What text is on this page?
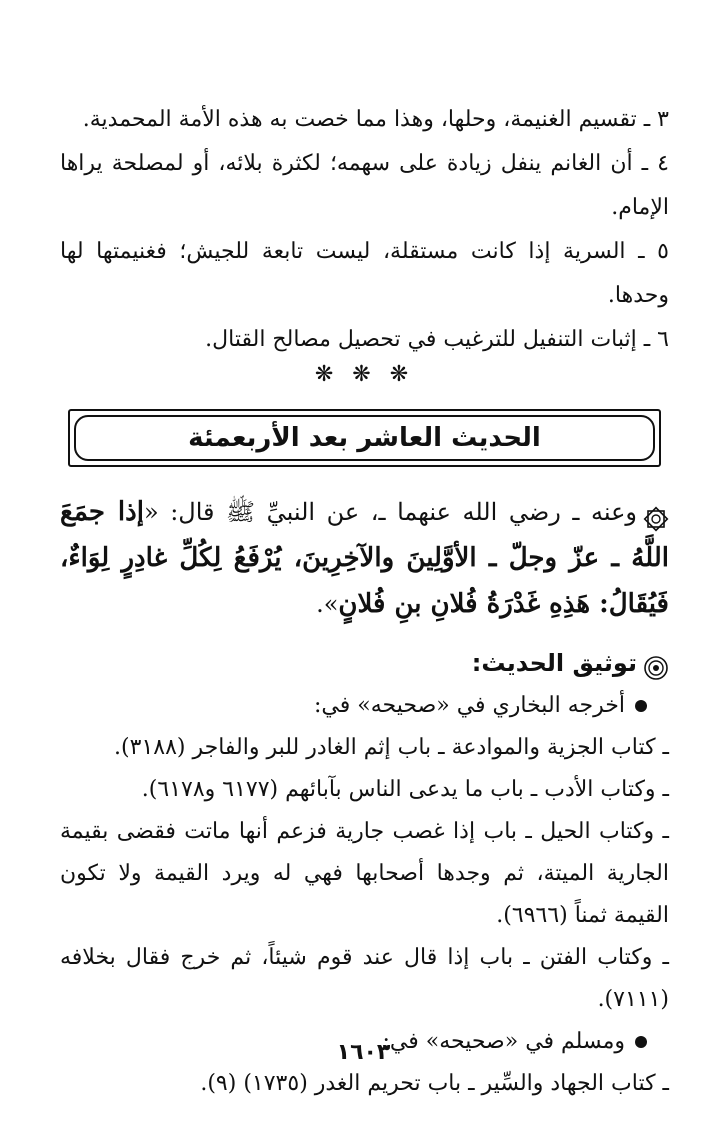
٣ ـ تقسيم الغنيمة، وحلها، وهذا مما خصت به هذه الأمة المحمدية.
٤ ـ أن الغانم ينفل زيادة على سهمه؛ لكثرة بلائه، أو لمصلحة يراها الإمام.
٥ ـ السرية إذا كانت مستقلة، ليست تابعة للجيش؛ فغنيمتها لها وحدها.
٦ ـ إثبات التنفيل للترغيب في تحصيل مصالح القتال.
❋ ❋ ❋
الحديث العاشر بعد الأربعمئة
وعنه ـ رضي الله عنهما ـ، عن النبيِّ ﷺ قال: «إذا جمَعَ اللَّهُ ـ عزّ وجلّ ـ الأوَّلِينَ والآخِرِينَ، يُرْفَعُ لِكُلِّ غادِرٍ لِوَاءٌ، فَيُقَالُ: هَذِهِ غَدْرَةُ فُلانِ بنِ فُلانٍ».
توثيق الحديث:
أخرجه البخاري في «صحيحه» في:
ـ كتاب الجزية والموادعة ـ باب إثم الغادر للبر والفاجر (٣١٨٨).
ـ وكتاب الأدب ـ باب ما يدعى الناس بآبائهم (٦١٧٧ و٦١٧٨).
ـ وكتاب الحيل ـ باب إذا غصب جارية فزعم أنها ماتت فقضى بقيمة الجارية الميتة، ثم وجدها أصحابها فهي له ويرد القيمة ولا تكون القيمة ثمناً (٦٩٦٦).
ـ وكتاب الفتن ـ باب إذا قال عند قوم شيئاً، ثم خرج فقال بخلافه (٧١١١).
ومسلم في «صحيحه» في:
ـ كتاب الجهاد والسِّير ـ باب تحريم الغدر (١٧٣٥) (٩).
١٦٠٣
